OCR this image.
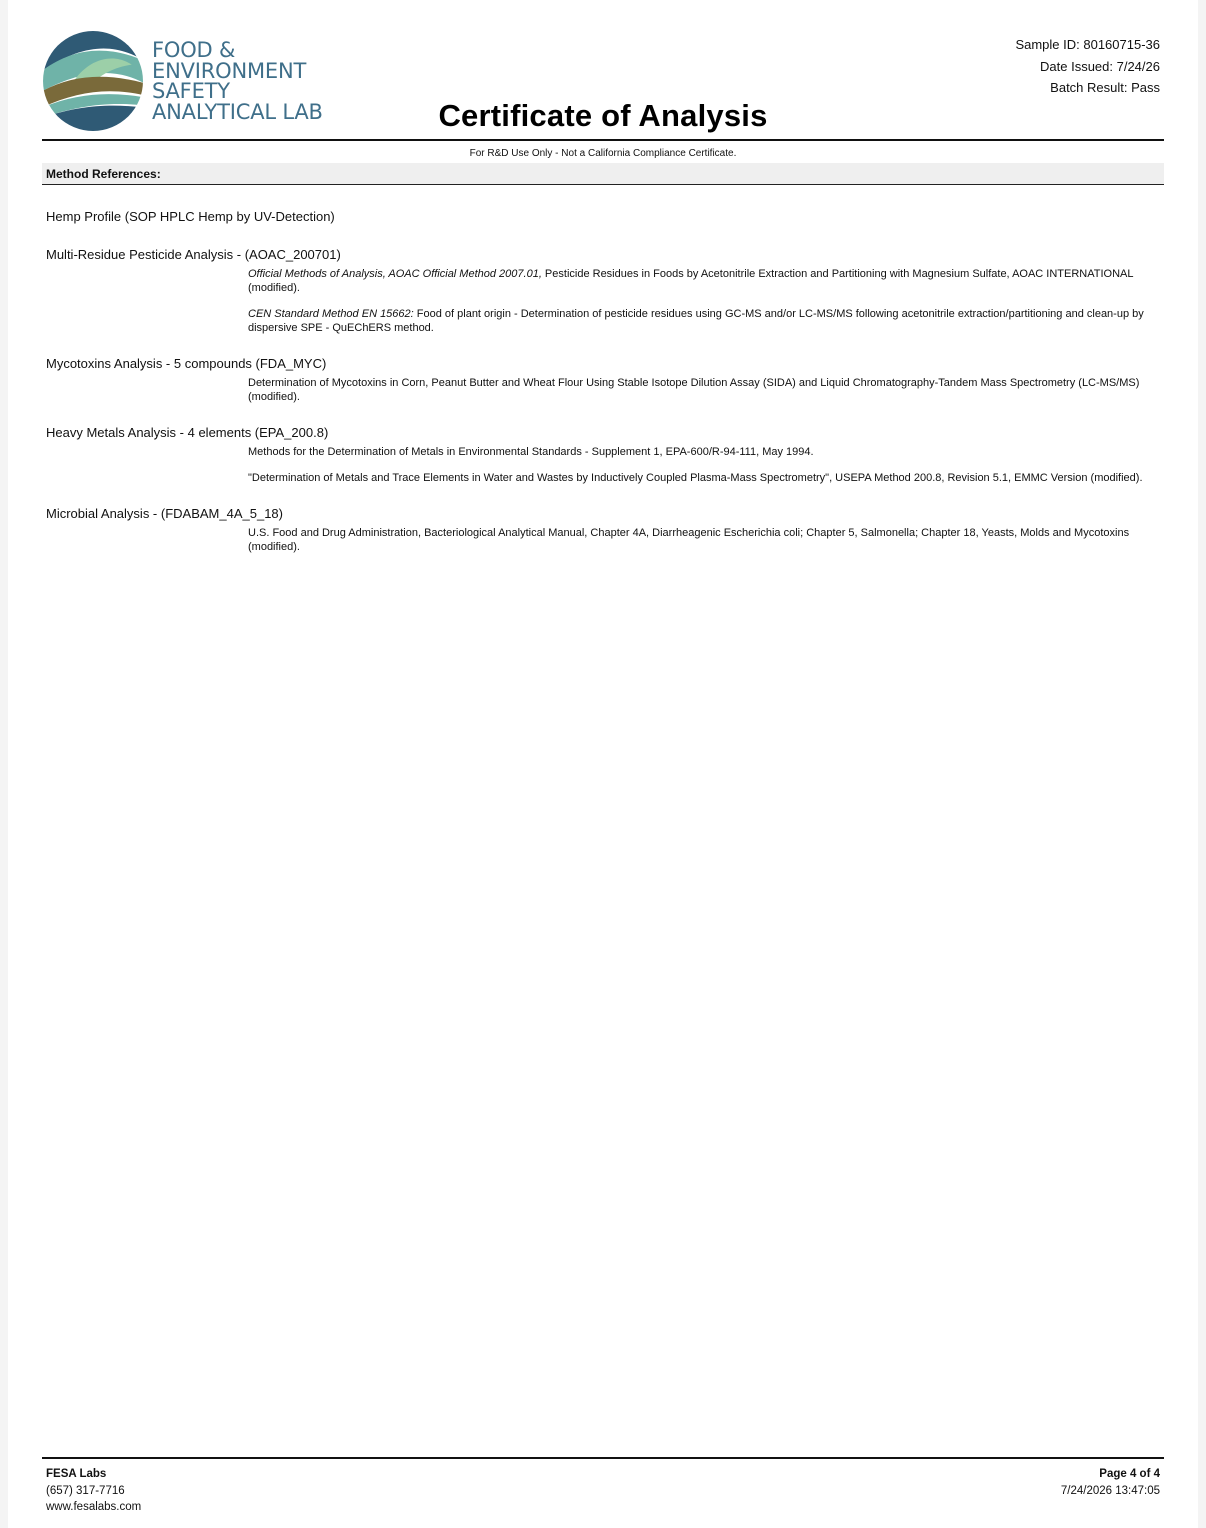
FOOD &
ENVIRONMENT
SAFETY
ANALYTICAL LAB
Sample ID: 80160715-36
Date Issued: 7/24/26
Batch Result: Pass
Certificate of Analysis
For R&D Use Only - Not a California Compliance Certificate.
Method References:
Hemp Profile (SOP HPLC Hemp by UV-Detection)
Multi-Residue Pesticide Analysis - (AOAC_200701)
Official Methods of Analysis, AOAC Official Method 2007.01, Pesticide Residues in Foods by Acetonitrile Extraction and Partitioning with Magnesium Sulfate, AOAC INTERNATIONAL (modified).
CEN Standard Method EN 15662: Food of plant origin - Determination of pesticide residues using GC-MS and/or LC-MS/MS following acetonitrile extraction/partitioning and clean-up by dispersive SPE - QuEChERS method.
Mycotoxins Analysis - 5 compounds (FDA_MYC)
Determination of Mycotoxins in Corn, Peanut Butter and Wheat Flour Using Stable Isotope Dilution Assay (SIDA) and Liquid Chromatography-Tandem Mass Spectrometry (LC-MS/MS) (modified).
Heavy Metals Analysis - 4 elements (EPA_200.8)
Methods for the Determination of Metals in Environmental Standards - Supplement 1, EPA-600/R-94-111, May 1994.
"Determination of Metals and Trace Elements in Water and Wastes by Inductively Coupled Plasma-Mass Spectrometry", USEPA Method 200.8, Revision 5.1, EMMC Version (modified).
Microbial Analysis - (FDABAM_4A_5_18)
U.S. Food and Drug Administration, Bacteriological Analytical Manual, Chapter 4A, Diarrheagenic Escherichia coli; Chapter 5, Salmonella; Chapter 18, Yeasts, Molds and Mycotoxins (modified).
FESA Labs
(657) 317-7716
www.fesalabs.com
Page 4 of 4
7/24/2026 13:47:05
